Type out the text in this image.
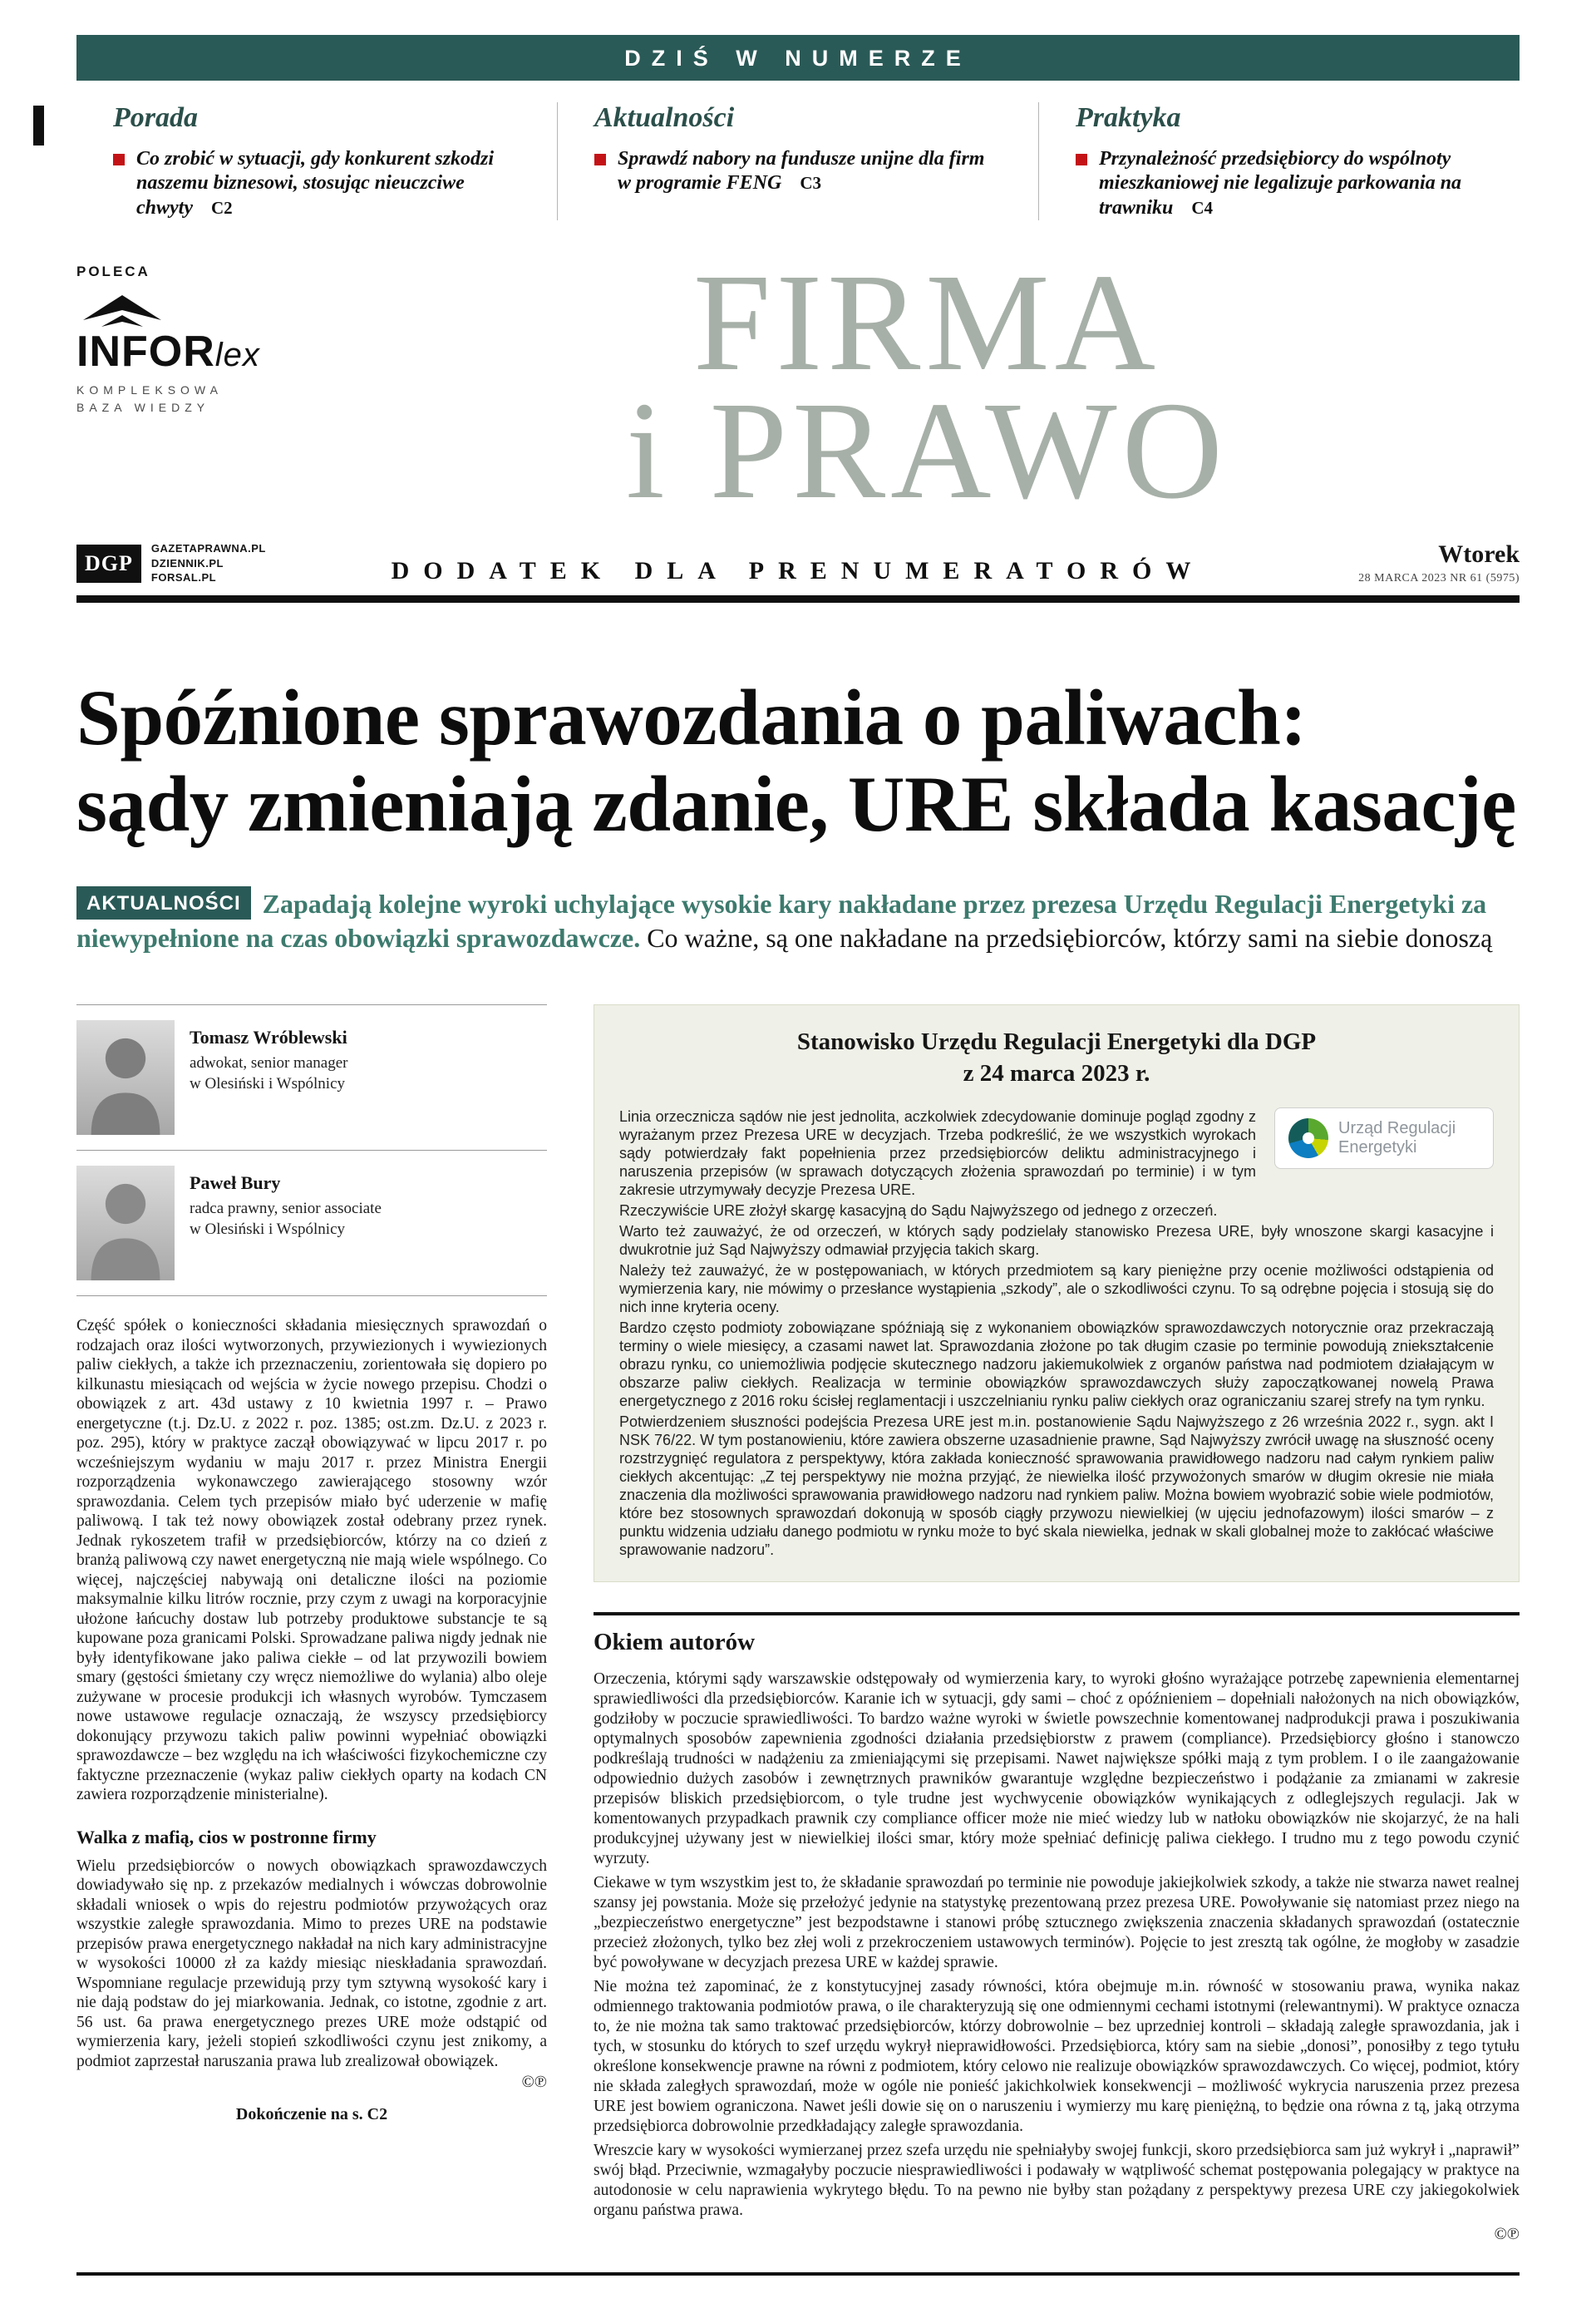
DZIŚ W NUMERZE
Porada
Co zrobić w sytuacji, gdy konkurent szkodzi naszemu biznesowi, stosując nieuczciwe chwyty C2
Aktualności
Sprawdź nabory na fundusze unijne dla firm w programie FENG C3
Praktyka
Przynależność przedsiębiorcy do wspólnoty mieszkaniowej nie legalizuje parkowania na trawniku C4
POLECA
INFORlex
KOMPLEKSOWA
BAZA WIEDZY
FIRMA
i PRAWO
DGP
GAZETAPRAWNA.PL
DZIENNIK.PL
FORSAL.PL	DODATEK DLA PRENUMERATORÓW
Wtorek
28 MARCA 2023 NR 61 (5975)
Spóźnione sprawozdania o paliwach:
sądy zmieniają zdanie, URE składa kasację

AKTUALNOŚCI Zapadają kolejne wyroki uchylające wysokie kary nakładane przez prezesa Urzędu Regulacji Energetyki za niewypełnione na czas obowiązki sprawozdawcze. Co ważne, są one nakładane na przedsiębiorców, którzy sami na siebie donoszą

Tomasz Wróblewski
adwokat, senior manager
w Olesiński i Wspólnicy
Paweł Bury
radca prawny, senior associate
w Olesiński i Wspólnicy

Część spółek o konieczności składania miesięcznych sprawozdań o rodzajach oraz ilości wytworzonych, przywiezionych i wywiezionych paliw ciekłych, a także ich przeznaczeniu, zorientowała się dopiero po kilkunastu miesiącach od wejścia w życie nowego przepisu. Chodzi o obowiązek z art. 43d ustawy z 10 kwietnia 1997 r. – Prawo energetyczne (t.j. Dz.U. z 2022 r. poz. 1385; ost.zm. Dz.U. z 2023 r. poz. 295), który w praktyce zaczął obowiązywać w lipcu 2017 r. po wcześniejszym wydaniu w maju 2017 r. przez Ministra Energii rozporządzenia wykonawczego zawierającego stosowny wzór sprawozdania. Celem tych przepisów miało być uderzenie w mafię paliwową. I tak też nowy obowiązek został odebrany przez rynek. Jednak rykoszetem trafił w przedsiębiorców, którzy na co dzień z branżą paliwową czy nawet energetyczną nie mają wiele wspólnego. Co więcej, najczęściej nabywają oni detaliczne ilości na poziomie maksymalnie kilku litrów rocznie, przy czym z uwagi na korporacyjnie ułożone łańcuchy dostaw lub potrzeby produktowe substancje te są kupowane poza granicami Polski. Sprowadzane paliwa nigdy jednak nie były identyfikowane jako paliwa ciekłe – od lat przywozili bowiem smary (gęstości śmietany czy wręcz niemożliwe do wylania) albo oleje zużywane w procesie produkcji ich własnych wyrobów. Tymczasem nowe ustawowe regulacje oznaczają, że wszyscy przedsiębiorcy dokonujący przywozu takich paliw powinni wypełniać obowiązki sprawozdawcze – bez względu na ich właściwości fizykochemiczne czy faktyczne przeznaczenie (wykaz paliw ciekłych oparty na kodach CN zawiera rozporządzenie ministerialne).

Walka z mafią, cios w postronne firmy

Wielu przedsiębiorców o nowych obowiązkach sprawozdawczych dowiadywało się np. z przekazów medialnych i wówczas dobrowolnie składali wniosek o wpis do rejestru podmiotów przywożących oraz wszystkie zaległe sprawozdania. Mimo to prezes URE na podstawie przepisów prawa energetycznego nakładał na nich kary administracyjne w wysokości 10000 zł za każdy miesiąc nieskładania sprawozdań. Wspomniane regulacje przewidują przy tym sztywną wysokość kary i nie dają podstaw do jej miarkowania. Jednak, co istotne, zgodnie z art. 56 ust. 6a prawa energetycznego prezes URE może odstąpić od wymierzenia kary, jeżeli stopień szkodliwości czynu jest znikomy, a podmiot zaprzestał naruszania prawa lub zrealizował obowiązek.

©℗
Dokończenie na s. C2
Stanowisko Urzędu Regulacji Energetyki dla DGP
z 24 marca 2023 r.
Urząd Regulacji
Energetyki

Linia orzecznicza sądów nie jest jednolita, aczkolwiek zdecydowanie dominuje pogląd zgodny z wyrażanym przez Prezesa URE w decyzjach. Trzeba podkreślić, że we wszystkich wyrokach sądy potwierdzały fakt popełnienia przez przedsiębiorców deliktu administracyjnego i naruszenia przepisów (w sprawach dotyczących złożenia sprawozdań po terminie) i w tym zakresie utrzymywały decyzje Prezesa URE.

Rzeczywiście URE złożył skargę kasacyjną do Sądu Najwyższego od jednego z orzeczeń.

Warto też zauważyć, że od orzeczeń, w których sądy podzielały stanowisko Prezesa URE, były wnoszone skargi kasacyjne i dwukrotnie już Sąd Najwyższy odmawiał przyjęcia takich skarg.

Należy też zauważyć, że w postępowaniach, w których przedmiotem są kary pieniężne przy ocenie możliwości odstąpienia od wymierzenia kary, nie mówimy o przesłance wystąpienia „szkody”, ale o szkodliwości czynu. To są odrębne pojęcia i stosują się do nich inne kryteria oceny.

Bardzo często podmioty zobowiązane spóźniają się z wykonaniem obowiązków sprawozdawczych notorycznie oraz przekraczają terminy o wiele miesięcy, a czasami nawet lat. Sprawozdania złożone po tak długim czasie po terminie powodują zniekształcenie obrazu rynku, co uniemożliwia podjęcie skutecznego nadzoru jakiemukolwiek z organów państwa nad podmiotem działającym w obszarze paliw ciekłych. Realizacja w terminie obowiązków sprawozdawczych służy zapoczątkowanej nowelą Prawa energetycznego z 2016 roku ścisłej reglamentacji i uszczelnianiu rynku paliw ciekłych oraz ograniczaniu szarej strefy na tym rynku.

Potwierdzeniem słuszności podejścia Prezesa URE jest m.in. postanowienie Sądu Najwyższego z 26 września 2022 r., sygn. akt I NSK 76/22. W tym postanowieniu, które zawiera obszerne uzasadnienie prawne, Sąd Najwyższy zwrócił uwagę na słuszność oceny rozstrzygnięć regulatora z perspektywy, która zakłada konieczność sprawowania prawidłowego nadzoru nad całym rynkiem paliw ciekłych akcentując: „Z tej perspektywy nie można przyjąć, że niewielka ilość przywożonych smarów w długim okresie nie miała znaczenia dla możliwości sprawowania prawidłowego nadzoru nad rynkiem paliw. Można bowiem wyobrazić sobie wiele podmiotów, które bez stosownych sprawozdań dokonują w sposób ciągły przywozu niewielkiej (w ujęciu jednofazowym) ilości smarów – z punktu widzenia udziału danego podmiotu w rynku może to być skala niewielka, jednak w skali globalnej może to zakłócać właściwe sprawowanie nadzoru”.

Okiem autorów

Orzeczenia, którymi sądy warszawskie odstępowały od wymierzenia kary, to wyroki głośno wyrażające potrzebę zapewnienia elementarnej sprawiedliwości dla przedsiębiorców. Karanie ich w sytuacji, gdy sami – choć z opóźnieniem – dopełniali nałożonych na nich obowiązków, godziłoby w poczucie sprawiedliwości. To bardzo ważne wyroki w świetle powszechnie komentowanej nadprodukcji prawa i poszukiwania optymalnych sposobów zapewnienia zgodności działania przedsiębiorstw z prawem (compliance). Przedsiębiorcy głośno i stanowczo podkreślają trudności w nadążeniu za zmieniającymi się przepisami. Nawet największe spółki mają z tym problem. I o ile zaangażowanie odpowiednio dużych zasobów i zewnętrznych prawników gwarantuje względne bezpieczeństwo i podążanie za zmianami w zakresie przepisów bliskich przedsiębiorcom, o tyle trudne jest wychwycenie obowiązków wynikających z odleglejszych regulacji. Jak w komentowanych przypadkach prawnik czy compliance officer może nie mieć wiedzy lub w natłoku obowiązków nie skojarzyć, że na hali produkcyjnej używany jest w niewielkiej ilości smar, który może spełniać definicję paliwa ciekłego. I trudno mu z tego powodu czynić wyrzuty.

Ciekawe w tym wszystkim jest to, że składanie sprawozdań po terminie nie powoduje jakiejkolwiek szkody, a także nie stwarza nawet realnej szansy jej powstania. Może się przełożyć jedynie na statystykę prezentowaną przez prezesa URE. Powoływanie się natomiast przez niego na „bezpieczeństwo energetyczne” jest bezpodstawne i stanowi próbę sztucznego zwiększenia znaczenia składanych sprawozdań (ostatecznie przecież złożonych, tylko bez złej woli z przekroczeniem ustawowych terminów). Pojęcie to jest zresztą tak ogólne, że mogłoby w zasadzie być powoływane w decyzjach prezesa URE w każdej sprawie.

Nie można też zapominać, że z konstytucyjnej zasady równości, która obejmuje m.in. równość w stosowaniu prawa, wynika nakaz odmiennego traktowania podmiotów prawa, o ile charakteryzują się one odmiennymi cechami istotnymi (relewantnymi). W praktyce oznacza to, że nie można tak samo traktować przedsiębiorców, którzy dobrowolnie – bez uprzedniej kontroli – składają zaległe sprawozdania, jak i tych, w stosunku do których to szef urzędu wykrył nieprawidłowości. Przedsiębiorca, który sam na siebie „donosi”, ponosiłby z tego tytułu określone konsekwencje prawne na równi z podmiotem, który celowo nie realizuje obowiązków sprawozdawczych. Co więcej, podmiot, który nie składa zaległych sprawozdań, może w ogóle nie ponieść jakichkolwiek konsekwencji – możliwość wykrycia naruszenia przez prezesa URE jest bowiem ograniczona. Nawet jeśli dowie się on o naruszeniu i wymierzy mu karę pieniężną, to będzie ona równa z tą, jaką otrzyma przedsiębiorca dobrowolnie przedkładający zaległe sprawozdania.

Wreszcie kary w wysokości wymierzanej przez szefa urzędu nie spełniałyby swojej funkcji, skoro przedsiębiorca sam już wykrył i „naprawił” swój błąd. Przeciwnie, wzmagałyby poczucie niesprawiedliwości i podawały w wątpliwość schemat postępowania polegający w praktyce na autodonosie w celu naprawienia wykrytego błędu. To na pewno nie byłby stan pożądany z perspektywy prezesa URE czy jakiegokolwiek organu państwa prawa.

©℗
